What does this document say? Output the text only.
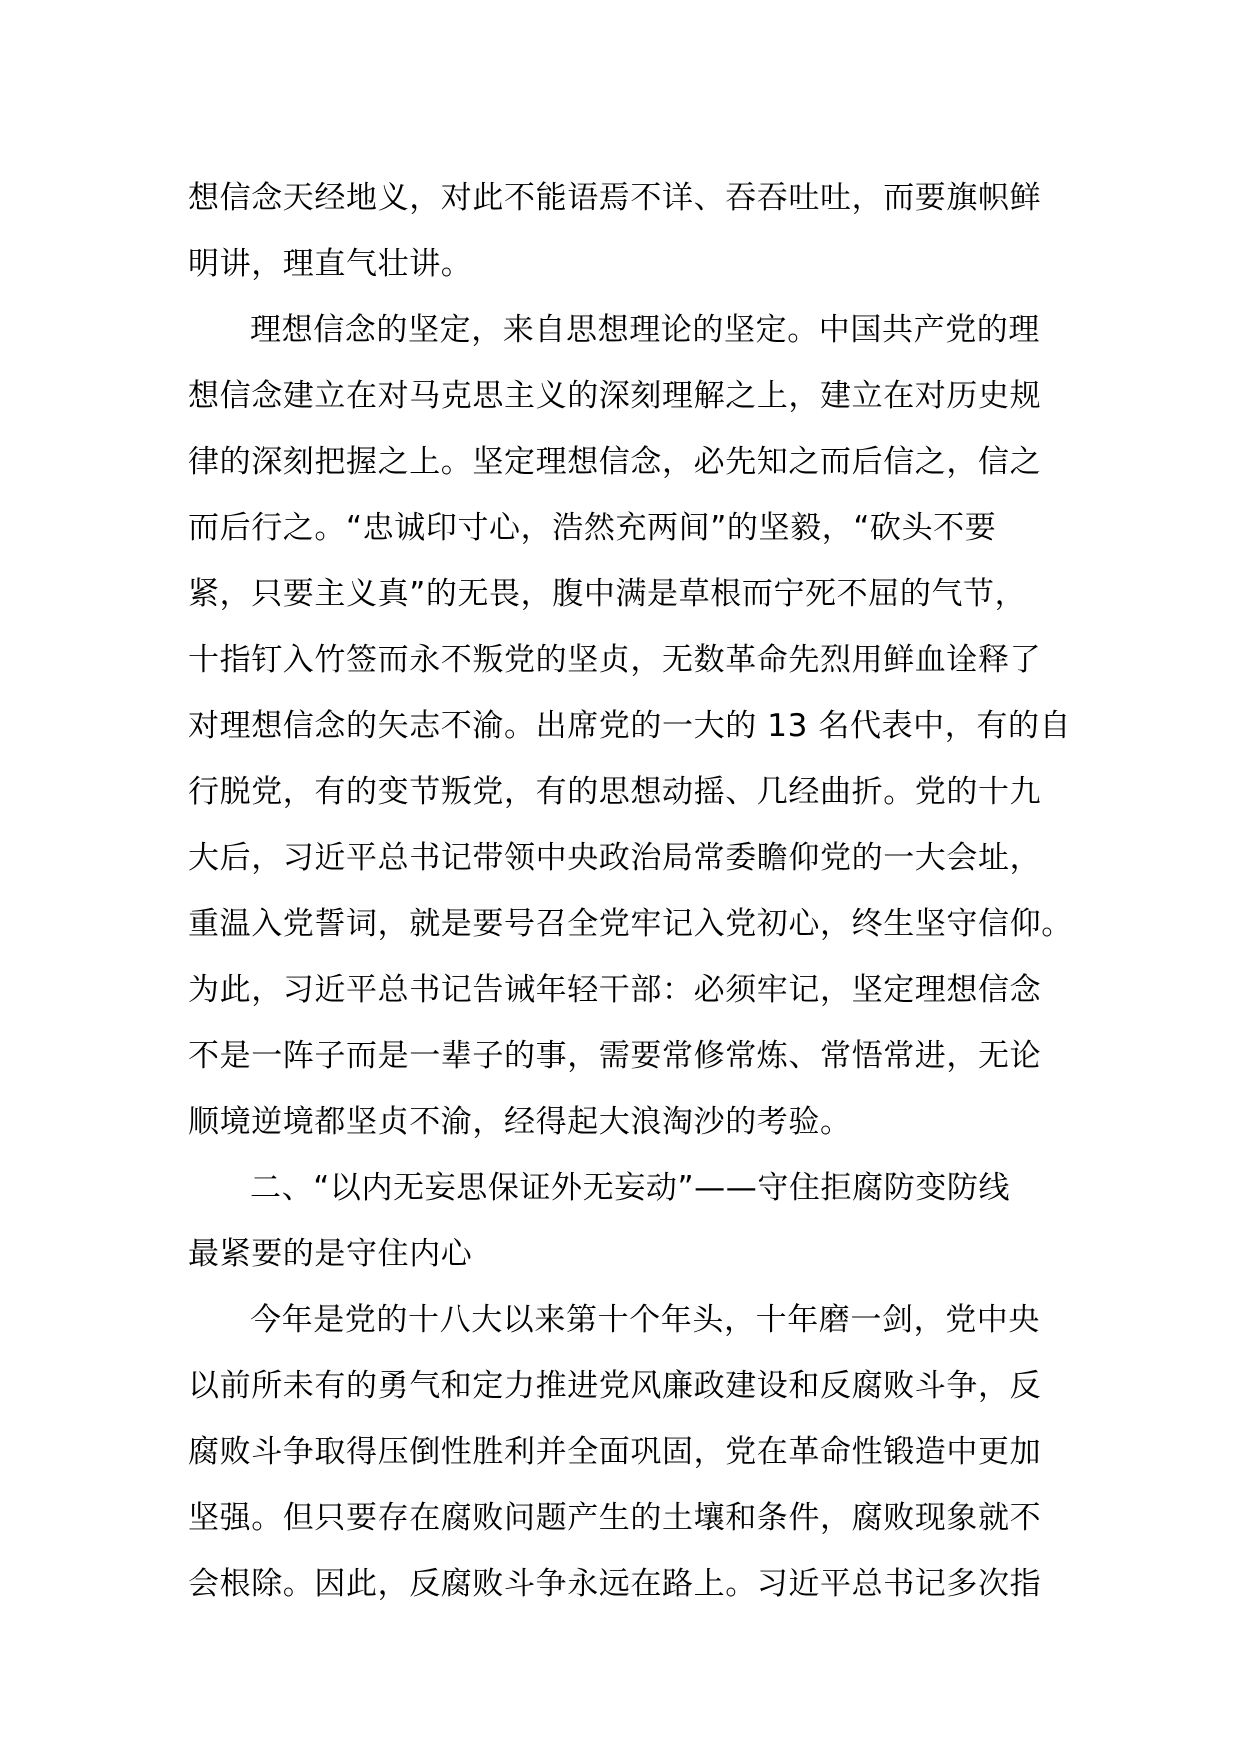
想信念天经地义，对此不能语焉不详、吞吞吐吐，而要旗帜鲜

明讲，理直气壮讲。

理想信念的坚定，来自思想理论的坚定。中国共产党的理

想信念建立在对马克思主义的深刻理解之上，建立在对历史规

律的深刻把握之上。坚定理想信念，必先知之而后信之，信之

而后行之。“忠诚印寸心，浩然充两间”的坚毅，“砍头不要

紧，只要主义真”的无畏，腹中满是草根而宁死不屈的气节，

十指钉入竹签而永不叛党的坚贞，无数革命先烈用鲜血诠释了

对理想信念的矢志不渝。出席党的一大的 13 名代表中，有的自

行脱党，有的变节叛党，有的思想动摇、几经曲折。党的十九

大后，习近平总书记带领中央政治局常委瞻仰党的一大会址，

重温入党誓词，就是要号召全党牢记入党初心，终生坚守信仰。

为此，习近平总书记告诫年轻干部：必须牢记，坚定理想信念

不是一阵子而是一辈子的事，需要常修常炼、常悟常进，无论

顺境逆境都坚贞不渝，经得起大浪淘沙的考验。

二、“以内无妄思保证外无妄动”——守住拒腐防变防线

最紧要的是守住内心

今年是党的十八大以来第十个年头，十年磨一剑，党中央

以前所未有的勇气和定力推进党风廉政建设和反腐败斗争，反

腐败斗争取得压倒性胜利并全面巩固，党在革命性锻造中更加

坚强。但只要存在腐败问题产生的土壤和条件，腐败现象就不

会根除。因此，反腐败斗争永远在路上。习近平总书记多次指
